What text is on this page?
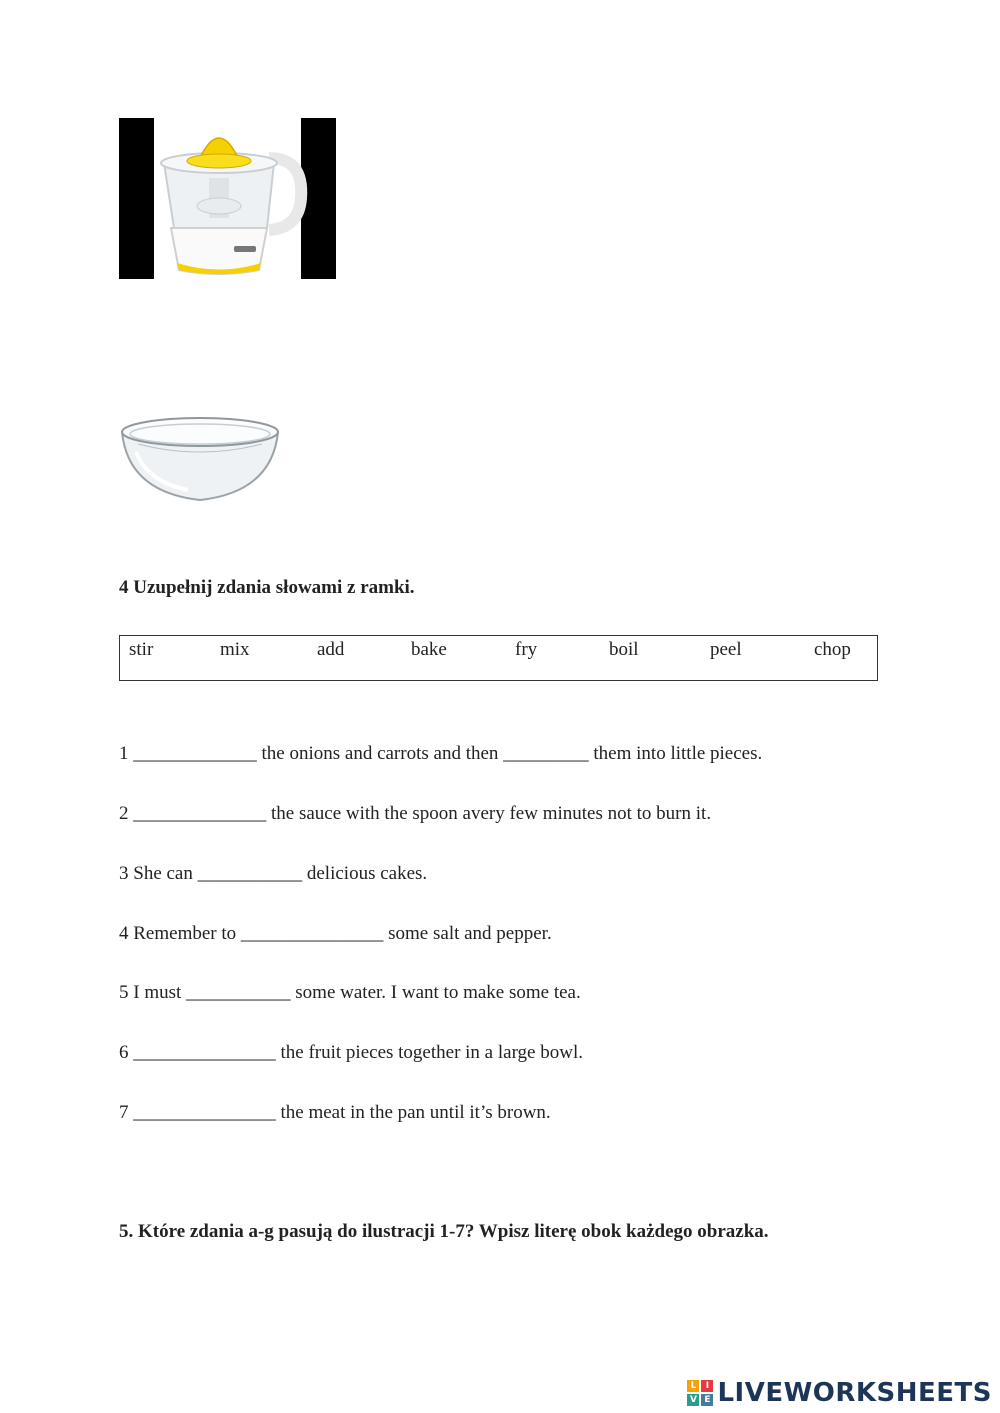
4 Uzupełnij zdania słowami z ramki.
stir	mix	add	bake	fry	boil	peel	chop
1 _____________ the onions and carrots and then _________ them into little pieces.
2 ______________ the sauce with the spoon avery few minutes not to burn it.
3 She can ___________ delicious cakes.
4 Remember to _______________ some salt and pepper.
5 I must ___________ some water. I want to make some tea.
6 _______________ the fruit pieces together in a large bowl.
7 _______________ the meat in the pan until it’s brown.
5. Które zdania a-g pasują do ilustracji 1-7? Wpisz literę obok każdego obrazka.
L	I
V E LIVEWORKSHEETS
